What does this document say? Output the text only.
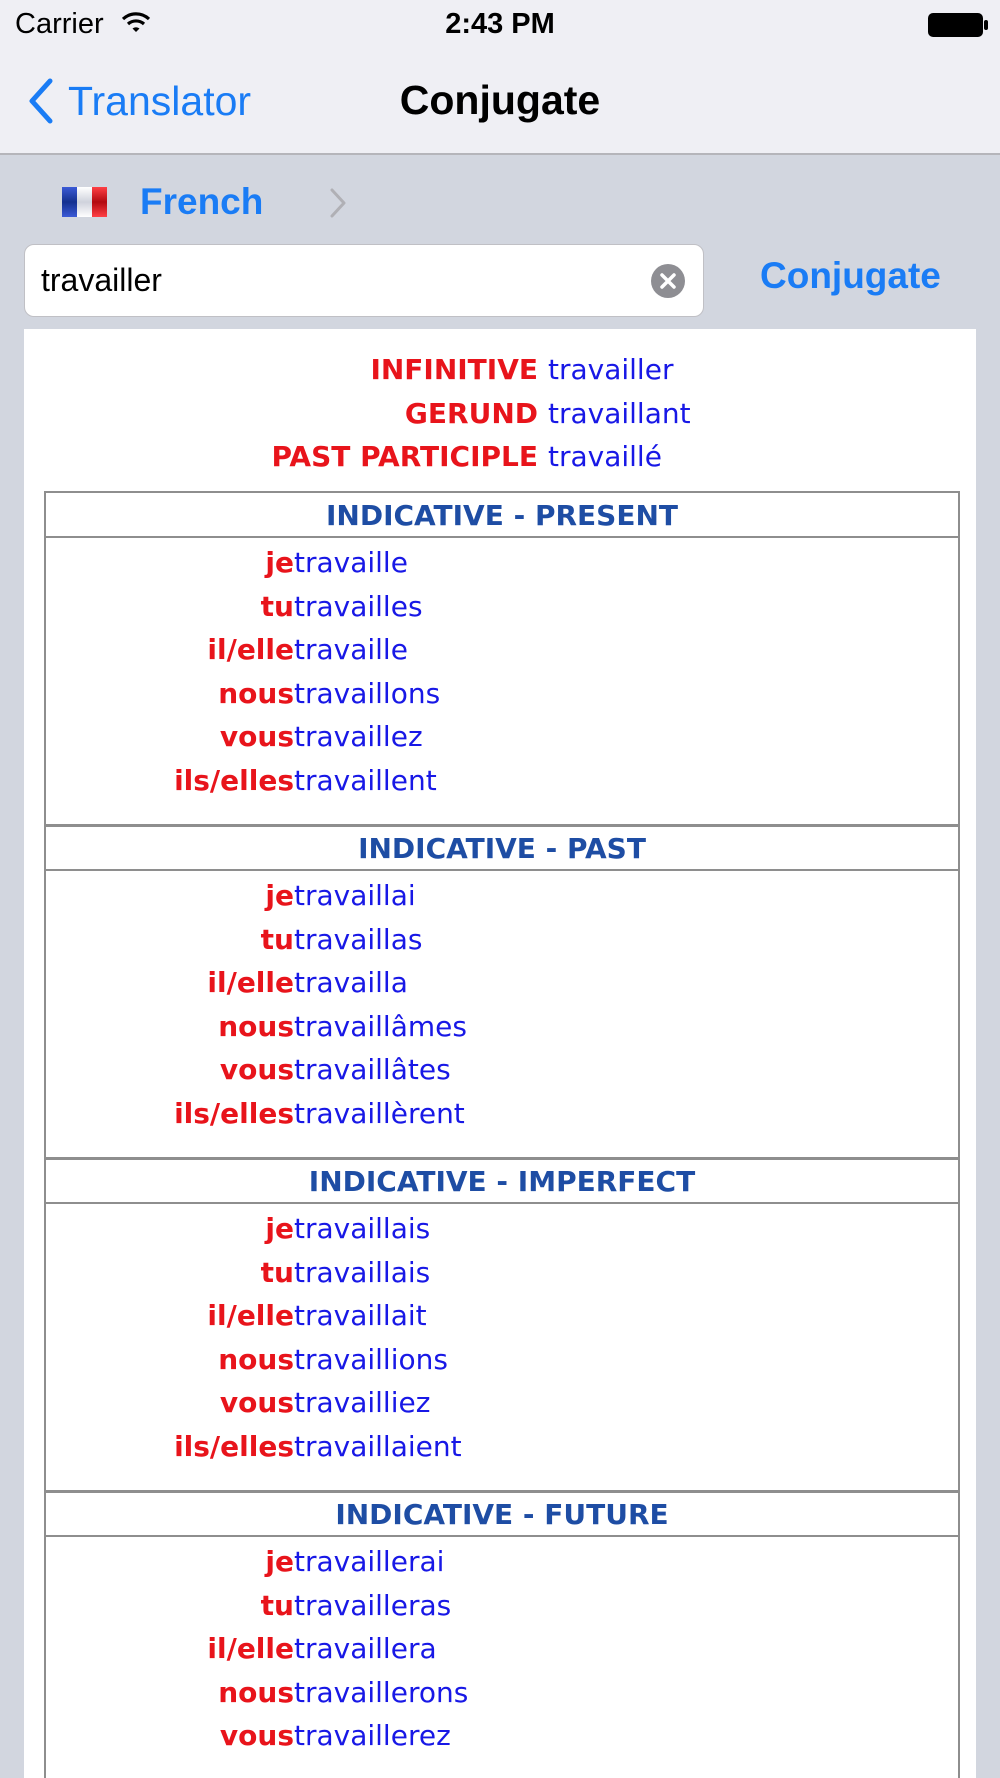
Carrier	2:43 PM
Translator	Conjugate
French
travailler
Conjugate
INFINITIVE travailler
GERUND travaillant
PAST PARTICIPLE travaillé
INDICATIVE - PRESENT
je travaille
tu travailles
il/elle travaille
nous travaillons
vous travaillez
ils/elles travaillent
INDICATIVE - PAST
je travaillai
tu travaillas
il/elle travailla
nous travaillâmes
vous travaillâtes
ils/elles travaillèrent
INDICATIVE - IMPERFECT
je travaillais
tu travaillais
il/elle travaillait
nous travaillions
vous travailliez
ils/elles travaillaient
INDICATIVE - FUTURE
je travaillerai
tu travailleras
il/elle travaillera
nous travaillerons
vous travaillerez
